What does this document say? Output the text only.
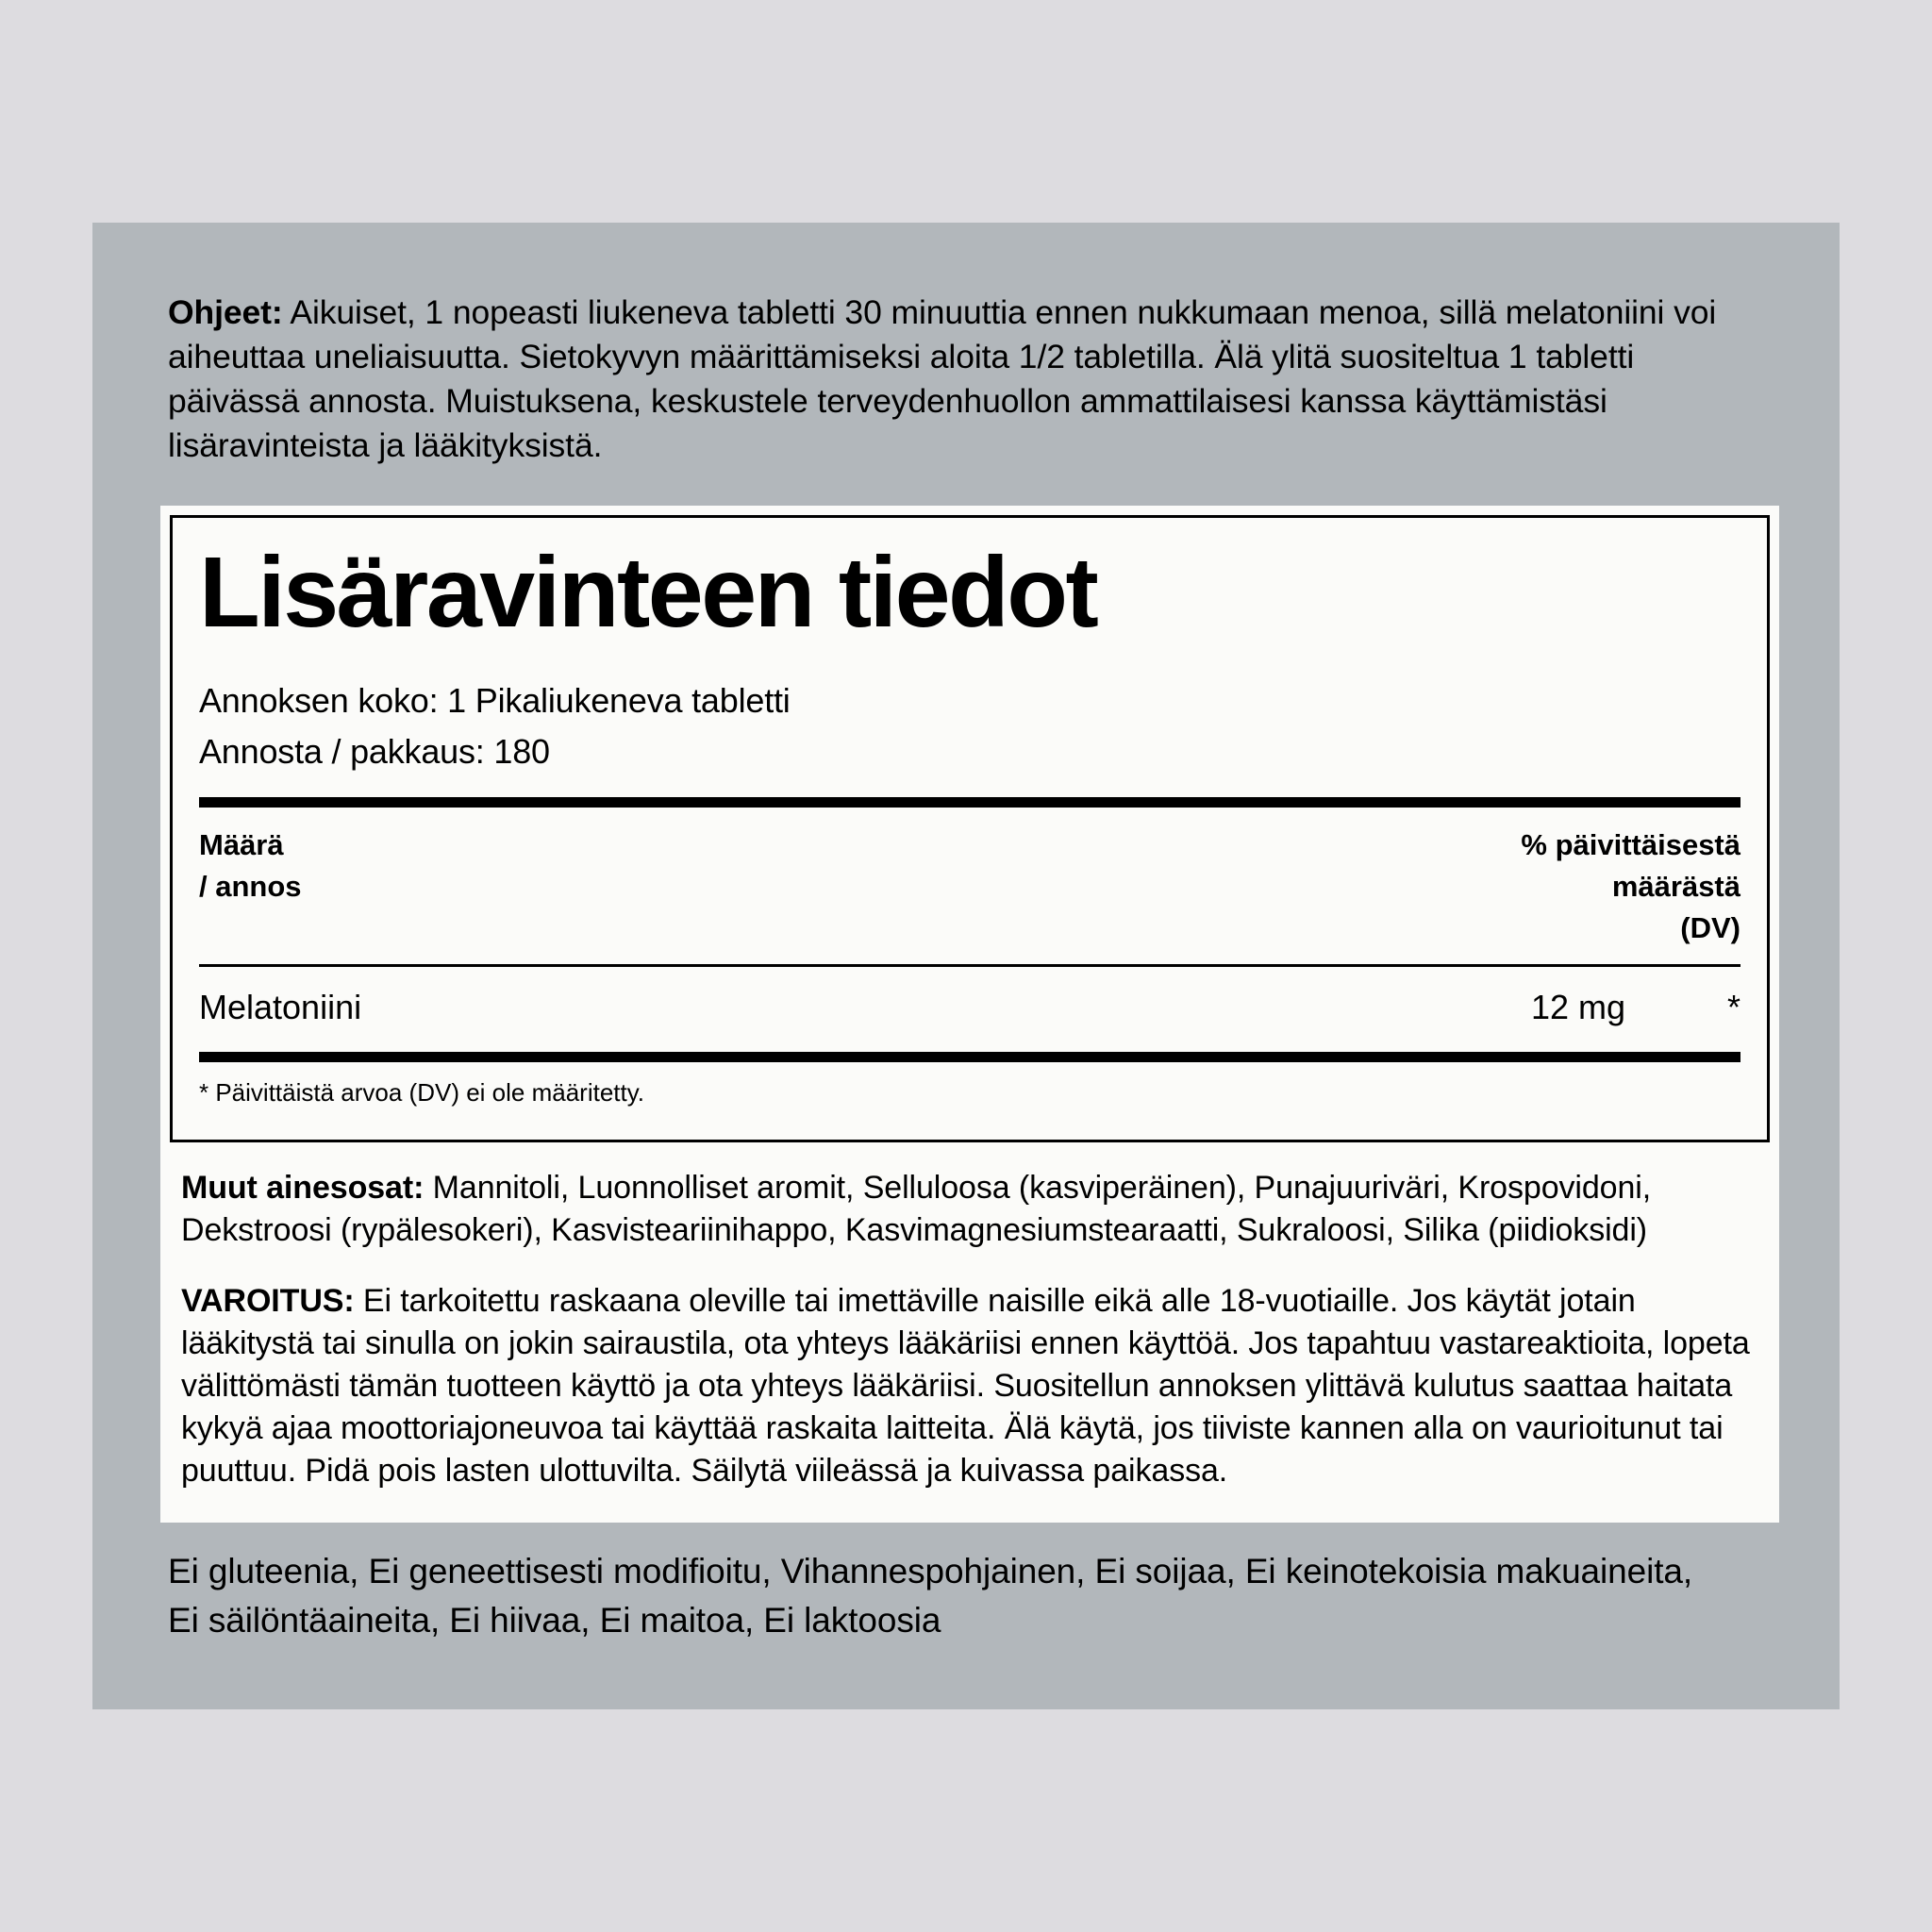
Ohjeet: Aikuiset, 1 nopeasti liukeneva tabletti 30 minuuttia ennen nukkumaan menoa, sillä melatoniini voi aiheuttaa uneliaisuutta. Sietokyvyn määrittämiseksi aloita 1/2 tabletilla. Älä ylitä suositeltua 1 tabletti päivässä annosta. Muistuksena, keskustele terveydenhuollon ammattilaisesi kanssa käyttämistäsi lisäravinteista ja lääkityksistä.
Lisäravinteen tiedot
Annoksen koko: 1 Pikaliukeneva tabletti
Annosta / pakkaus: 180
Määrä
/ annos
% päivittäisestä
määrästä
(DV)
Melatoniini	12 mg	*
* Päivittäistä arvoa (DV) ei ole määritetty.
Muut ainesosat: Mannitoli, Luonnolliset aromit, Selluloosa (kasviperäinen), Punajuuriväri, Krospovidoni, Dekstroosi (rypälesokeri), Kasvisteariinihappo, Kasvimagnesiumstearaatti, Sukraloosi, Silika (piidioksidi)
VAROITUS: Ei tarkoitettu raskaana oleville tai imettäville naisille eikä alle 18-vuotiaille. Jos käytät jotain lääkitystä tai sinulla on jokin sairaustila, ota yhteys lääkäriisi ennen käyttöä. Jos tapahtuu vastareaktioita, lopeta välittömästi tämän tuotteen käyttö ja ota yhteys lääkäriisi. Suositellun annoksen ylittävä kulutus saattaa haitata kykyä ajaa moottoriajoneuvoa tai käyttää raskaita laitteita. Älä käytä, jos tiiviste kannen alla on vaurioitunut tai puuttuu. Pidä pois lasten ulottuvilta. Säilytä viileässä ja kuivassa paikassa.
Ei gluteenia, Ei geneettisesti modifioitu, Vihannespohjainen, Ei soijaa, Ei keinotekoisia makuaineita,
Ei säilöntäaineita, Ei hiivaa, Ei maitoa, Ei laktoosia
